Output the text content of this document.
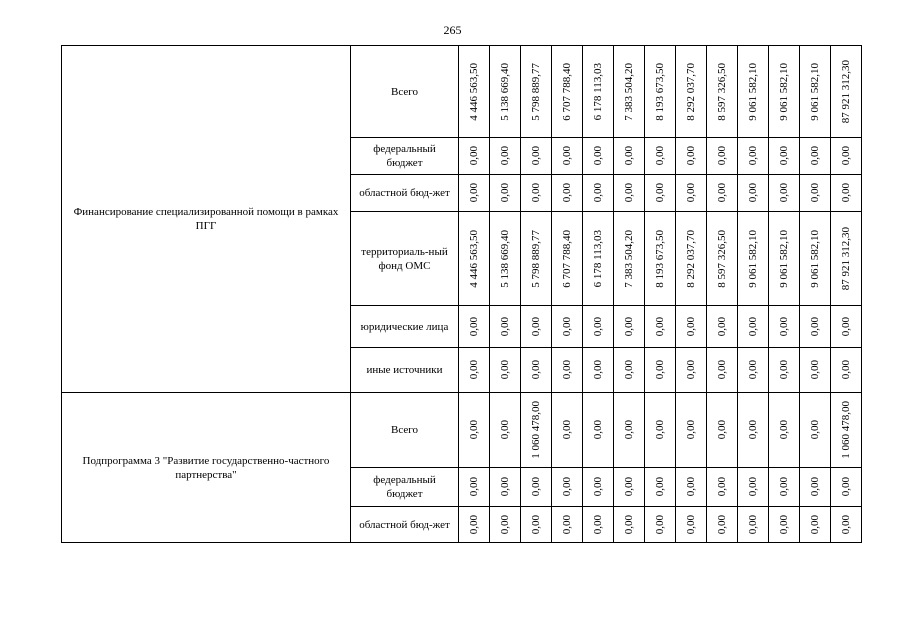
265
Финансирование специализированной помощи в рамках ПГГ	Всего	4 446 563,50	5 138 669,40	5 798 889,77	6 707 788,40	6 178 113,03	7 383 504,20	8 193 673,50	8 292 037,70	8 597 326,50	9 061 582,10	9 061 582,10	9 061 582,10	87 921 312,30

	федеральный бюджет	0,00	0,00	0,00	0,00	0,00	0,00	0,00	0,00	0,00	0,00	0,00	0,00	0,00

	областной бюд-жет	0,00	0,00	0,00	0,00	0,00	0,00	0,00	0,00	0,00	0,00	0,00	0,00	0,00

	территориаль-ный фонд ОМС	4 446 563,50	5 138 669,40	5 798 889,77	6 707 788,40	6 178 113,03	7 383 504,20	8 193 673,50	8 292 037,70	8 597 326,50	9 061 582,10	9 061 582,10	9 061 582,10	87 921 312,30

	юридические лица	0,00	0,00	0,00	0,00	0,00	0,00	0,00	0,00	0,00	0,00	0,00	0,00	0,00

	иные источники	0,00	0,00	0,00	0,00	0,00	0,00	0,00	0,00	0,00	0,00	0,00	0,00	0,00

Подпрограмма 3 "Развитие государственно-частного партнерства"	Всего	0,00	0,00	1 060 478,00	0,00	0,00	0,00	0,00	0,00	0,00	0,00	0,00	0,00	1 060 478,00

	федеральный бюджет	0,00	0,00	0,00	0,00	0,00	0,00	0,00	0,00	0,00	0,00	0,00	0,00	0,00

	областной бюд-жет	0,00	0,00	0,00	0,00	0,00	0,00	0,00	0,00	0,00	0,00	0,00	0,00	0,00
